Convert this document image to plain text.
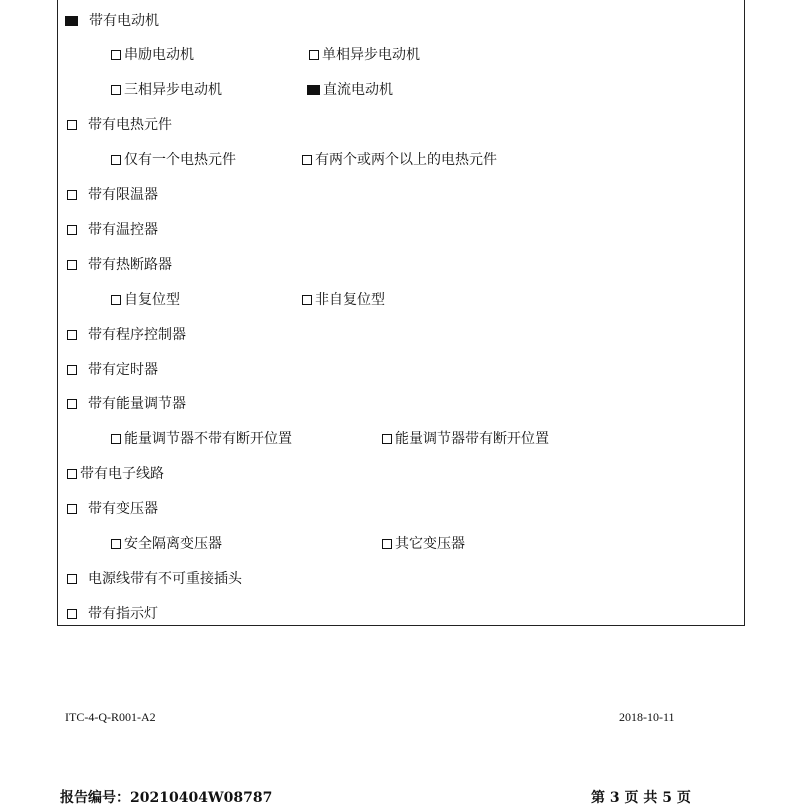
带有电动机
串励电动机	单相异步电动机
三相异步电动机	直流电动机
带有电热元件
仅有一个电热元件	有两个或两个以上的电热元件
带有限温器
带有温控器
带有热断路器
自复位型	非自复位型
带有程序控制器
带有定时器
带有能量调节器
能量调节器不带有断开位置	能量调节器带有断开位置
带有电子线路
带有变压器
安全隔离变压器	其它变压器
电源线带有不可重接插头
带有指示灯
ITC-4-Q-R001-A2	2018-10-11
报告编号：20210404W08787	第 3 页 共 5 页
